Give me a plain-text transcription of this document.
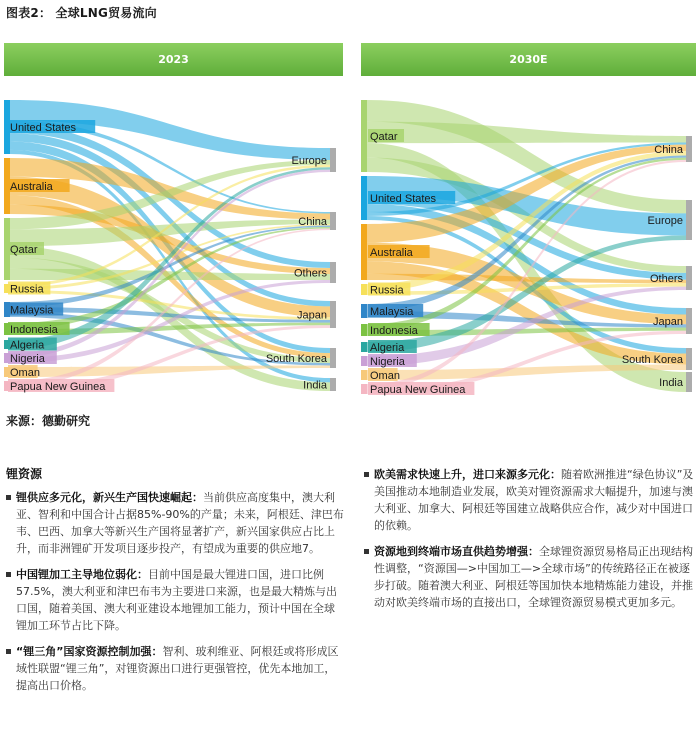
图表2： 全球LNG贸易流向
2023	2030E
United States
Australia
Qatar
Russia
Malaysia
Indonesia
Algeria
Nigeria
Oman
Papua New Guinea
Europe
China
Others
Japan
South Korea
India
Qatar
United States
Australia
Russia
Malaysia
Indonesia
Algeria
Nigeria
Oman
Papua New Guinea
China
Europe
Others
Japan
South Korea
India
来源：德勤研究
锂资源
锂供应多元化，新兴生产国快速崛起：当前供应高度集中，澳大利亚、智利和中国合计占据85%-90%的产量；未来，阿根廷、津巴布韦、巴西、加拿大等新兴生产国将显著扩产，新兴国家供应占比上升，而非洲锂矿开发项目逐步投产，有望成为重要的供应地7。
中国锂加工主导地位弱化：目前中国是最大锂进口国，进口比例57.5%，澳大利亚和津巴布韦为主要进口来源，也是最大精炼与出口国，随着美国、澳大利亚建设本地锂加工能力，预计中国在全球锂加工环节占比下降。
“锂三角”国家资源控制加强：智利、玻利维亚、阿根廷或将形成区域性联盟“锂三角”，对锂资源出口进行更强管控，优先本地加工，提高出口价格。
欧美需求快速上升，进口来源多元化：随着欧洲推进“绿色协议”及美国推动本地制造业发展，欧美对锂资源需求大幅提升，加速与澳大利亚、加拿大、阿根廷等国建立战略供应合作，减少对中国进口的依赖。
资源地到终端市场直供趋势增强：全球锂资源贸易格局正出现结构性调整，“资源国—>中国加工—>全球市场”的传统路径正在被逐步打破。随着澳大利亚、阿根廷等国加快本地精炼能力建设，并推动对欧美终端市场的直接出口，全球锂资源贸易模式更加多元。
